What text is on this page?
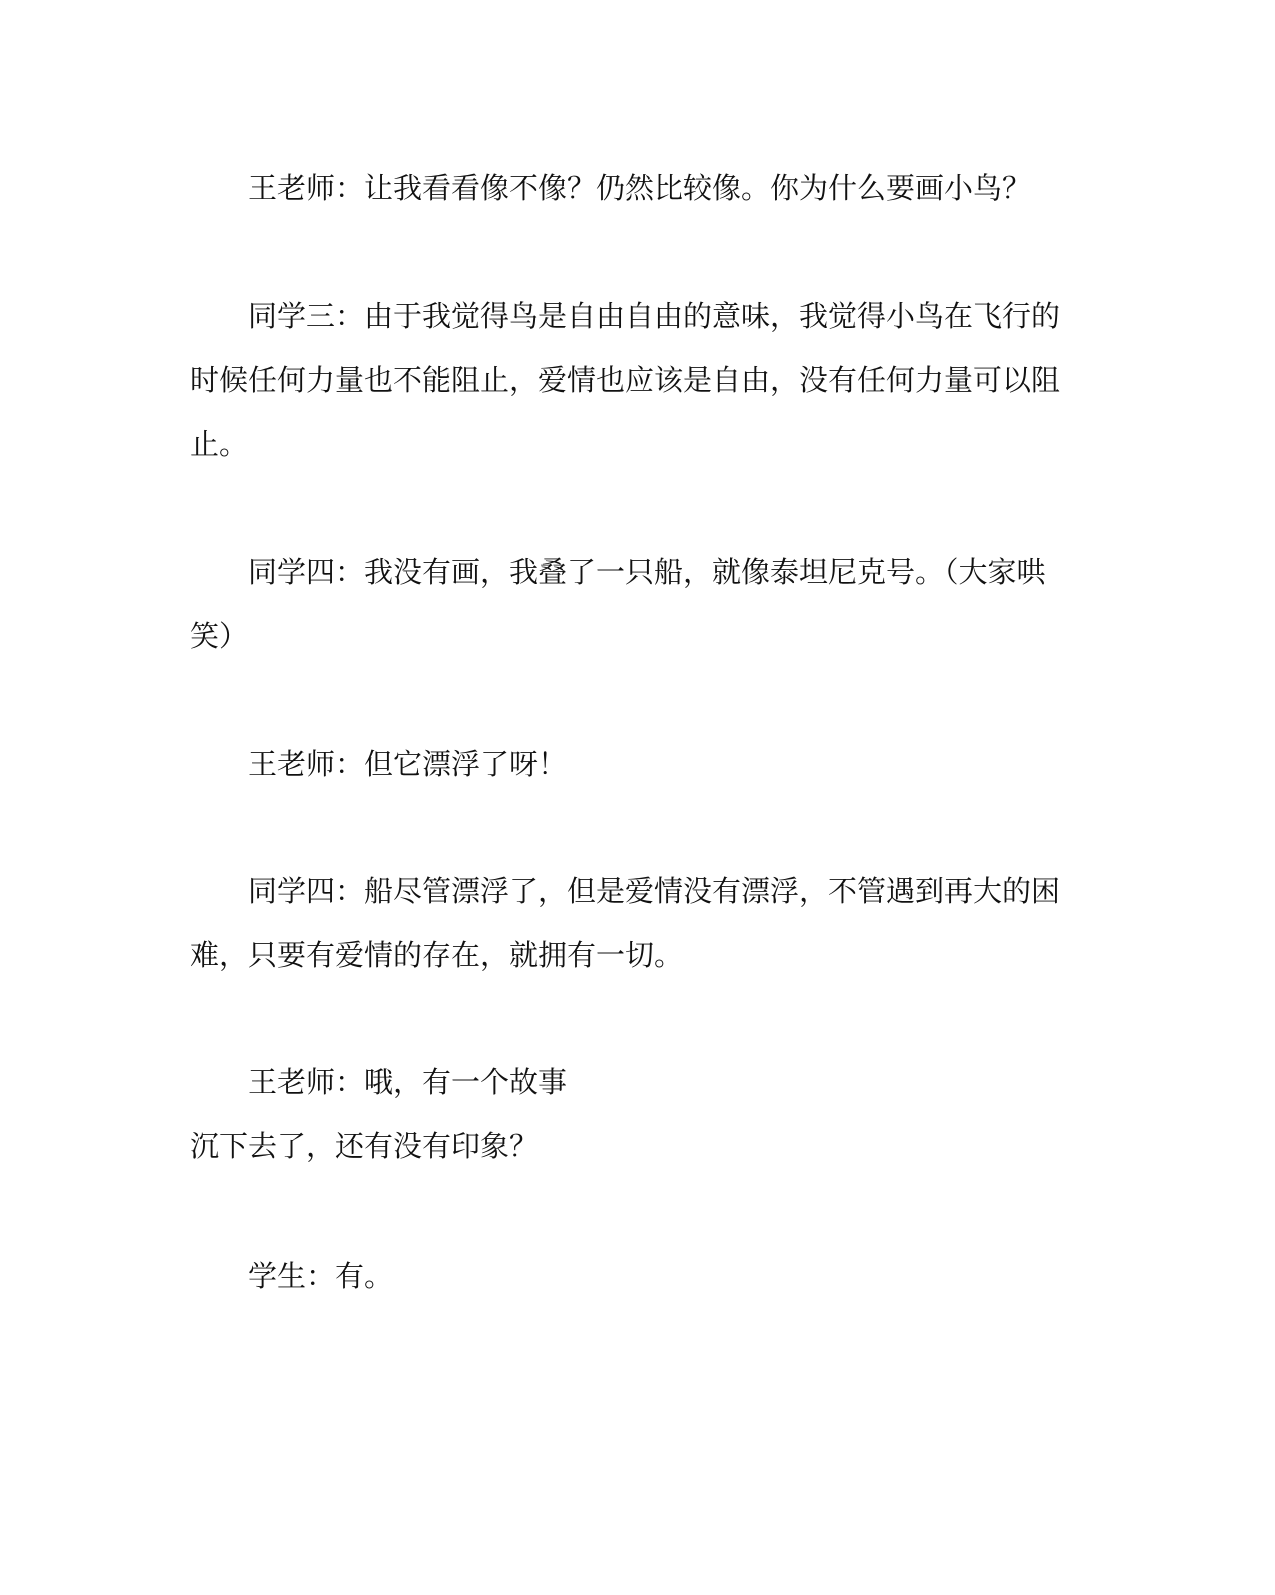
王老师：让我看看像不像？仍然比较像。你为什么要画小鸟？
同学三：由于我觉得鸟是自由自由的意味，我觉得小鸟在飞行的
时候任何力量也不能阻止，爱情也应该是自由，没有任何力量可以阻
止。
同学四：我没有画，我叠了一只船，就像泰坦尼克号。（大家哄
笑）
王老师：但它漂浮了呀！
同学四：船尽管漂浮了，但是爱情没有漂浮，不管遇到再大的困
难，只要有爱情的存在，就拥有一切。
王老师：哦，有一个故事
沉下去了，还有没有印象？
学生：有。
